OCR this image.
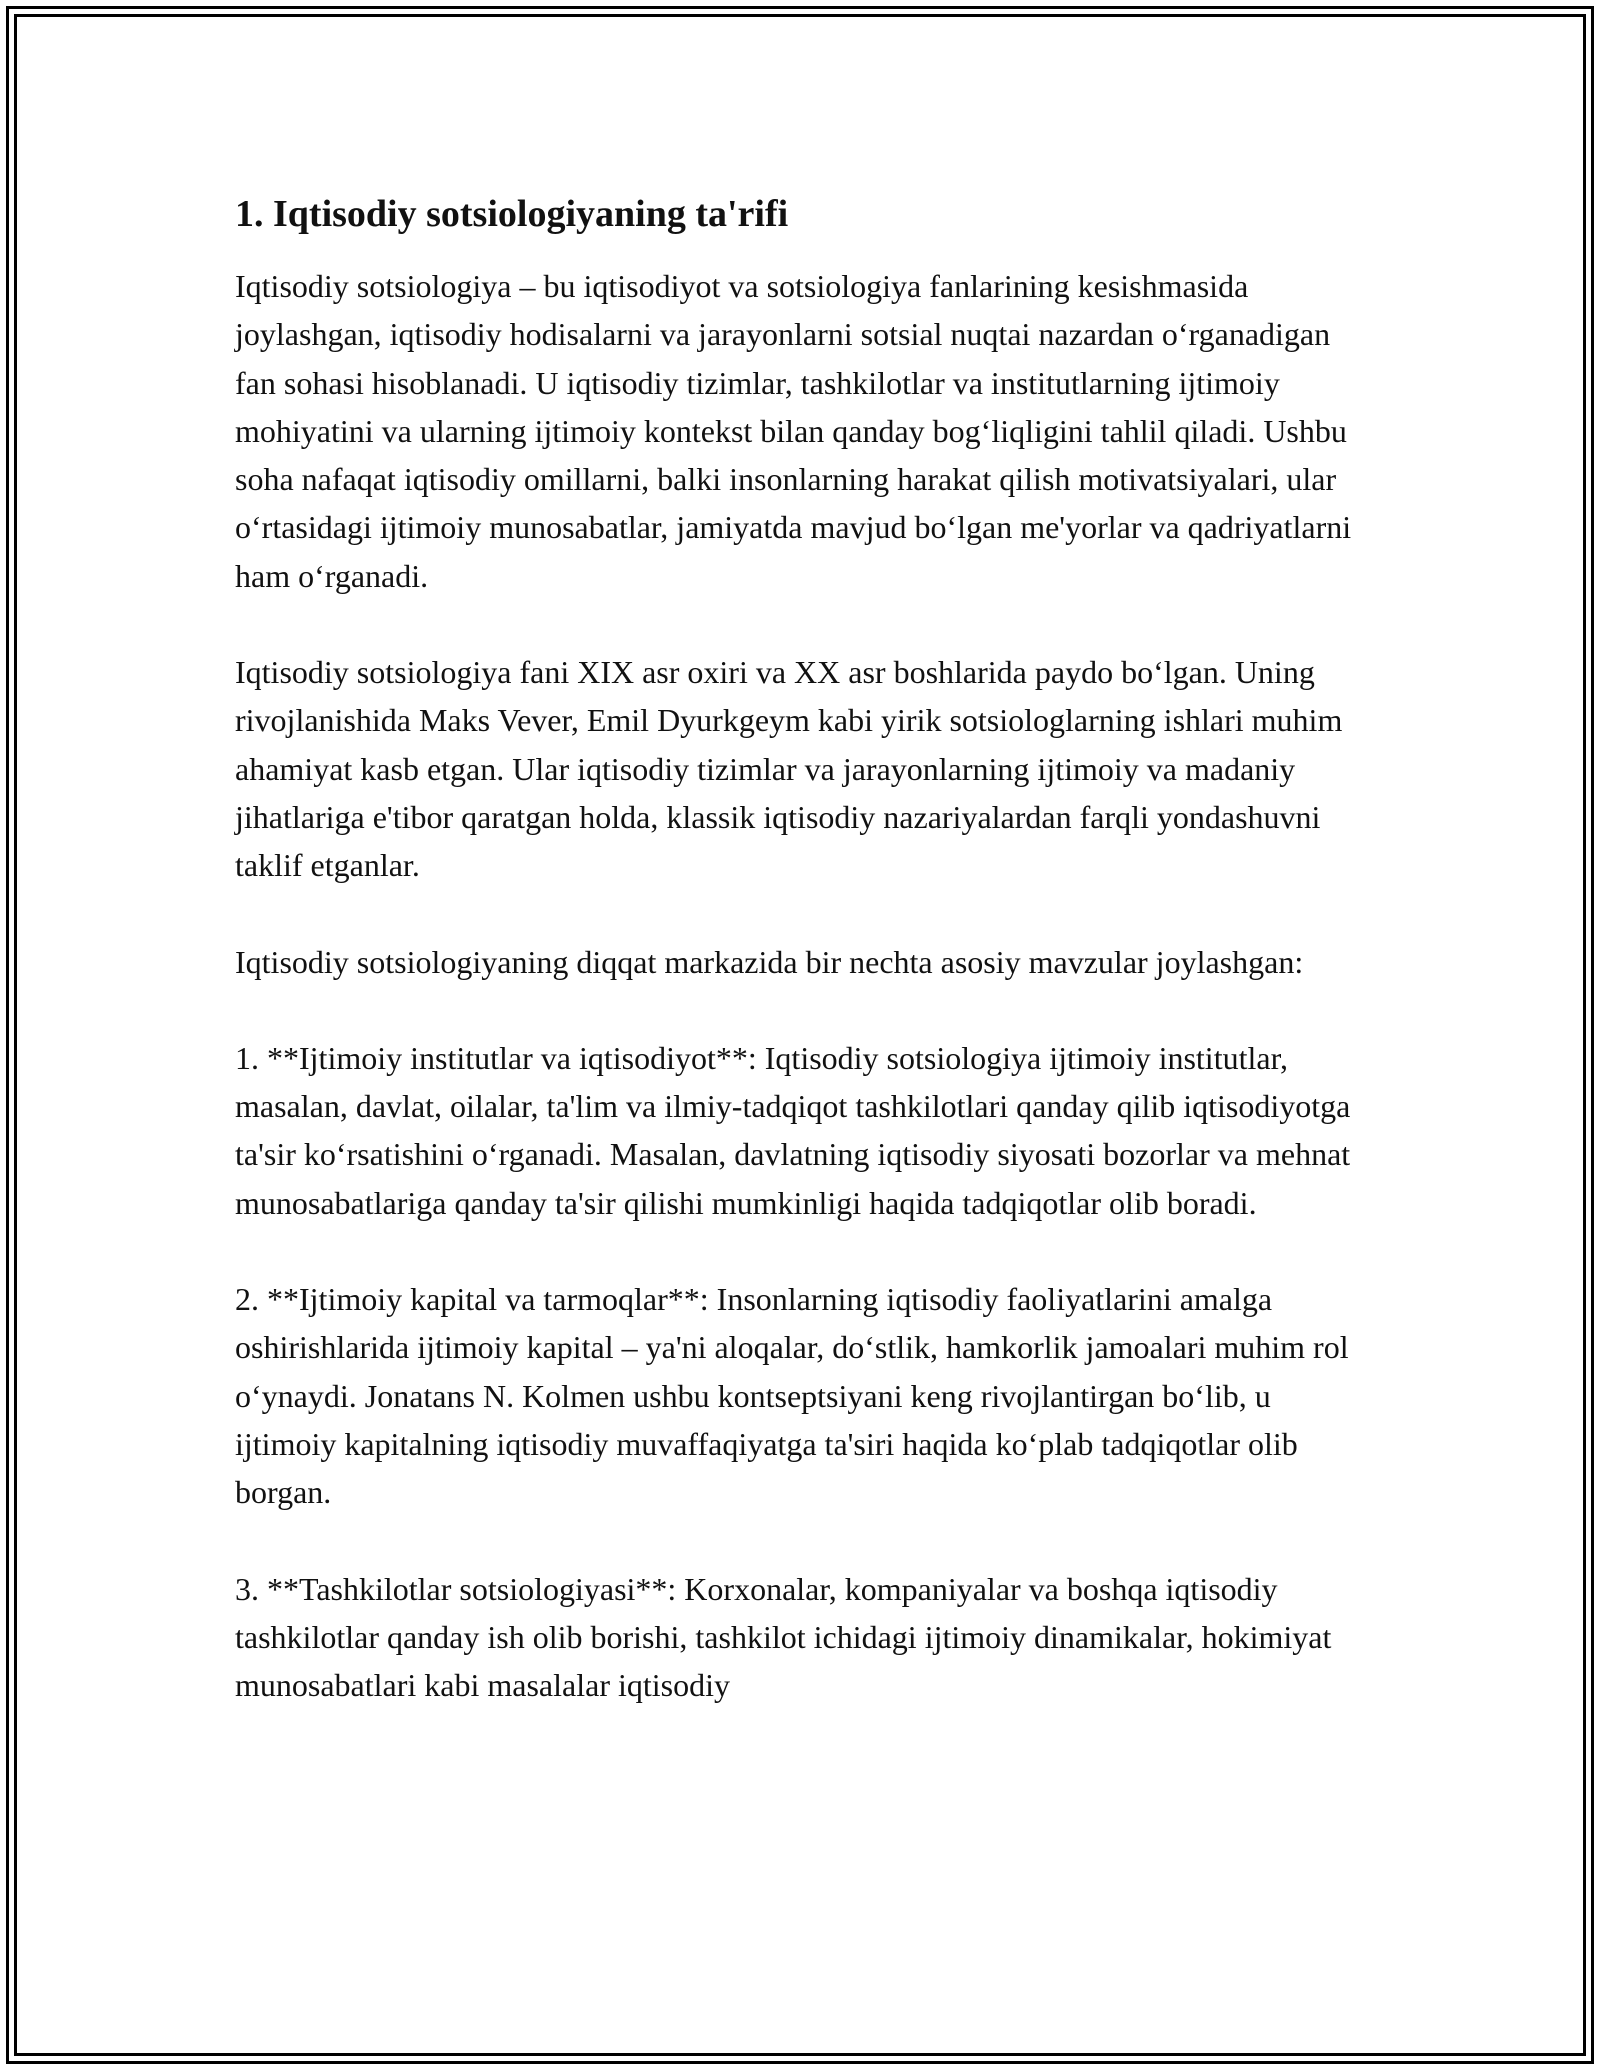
1. Iqtisodiy sotsiologiyaning ta'rifi

Iqtisodiy sotsiologiya – bu iqtisodiyot va sotsiologiya fanlarining kesishmasida joylashgan, iqtisodiy hodisalarni va jarayonlarni sotsial nuqtai nazardan o‘rganadigan fan sohasi hisoblanadi. U iqtisodiy tizimlar, tashkilotlar va institutlarning ijtimoiy mohiyatini va ularning ijtimoiy kontekst bilan qanday bog‘liqligini tahlil qiladi. Ushbu soha nafaqat iqtisodiy omillarni, balki insonlarning harakat qilish motivatsiyalari, ular o‘rtasidagi ijtimoiy munosabatlar, jamiyatda mavjud bo‘lgan me'yorlar va qadriyatlarni ham o‘rganadi.

Iqtisodiy sotsiologiya fani XIX asr oxiri va XX asr boshlarida paydo bo‘lgan. Uning rivojlanishida Maks Vever, Emil Dyurkgeym kabi yirik sotsiologlarning ishlari muhim ahamiyat kasb etgan. Ular iqtisodiy tizimlar va jarayonlarning ijtimoiy va madaniy jihatlariga e'tibor qaratgan holda, klassik iqtisodiy nazariyalardan farqli yondashuvni taklif etganlar.

Iqtisodiy sotsiologiyaning diqqat markazida bir nechta asosiy mavzular joylashgan:

1. **Ijtimoiy institutlar va iqtisodiyot**: Iqtisodiy sotsiologiya ijtimoiy institutlar, masalan, davlat, oilalar, ta'lim va ilmiy-tadqiqot tashkilotlari qanday qilib iqtisodiyotga ta'sir ko‘rsatishini o‘rganadi. Masalan, davlatning iqtisodiy siyosati bozorlar va mehnat munosabatlariga qanday ta'sir qilishi mumkinligi haqida tadqiqotlar olib boradi.

2. **Ijtimoiy kapital va tarmoqlar**: Insonlarning iqtisodiy faoliyatlarini amalga oshirishlarida ijtimoiy kapital – ya'ni aloqalar, do‘stlik, hamkorlik jamoalari muhim rol o‘ynaydi. Jonatans N. Kolmen ushbu kontseptsiyani keng rivojlantirgan bo‘lib, u ijtimoiy kapitalning iqtisodiy muvaffaqiyatga ta'siri haqida ko‘plab tadqiqotlar olib borgan.

3. **Tashkilotlar sotsiologiyasi**: Korxonalar, kompaniyalar va boshqa iqtisodiy tashkilotlar qanday ish olib borishi, tashkilot ichidagi ijtimoiy dinamikalar, hokimiyat munosabatlari kabi masalalar iqtisodiy
